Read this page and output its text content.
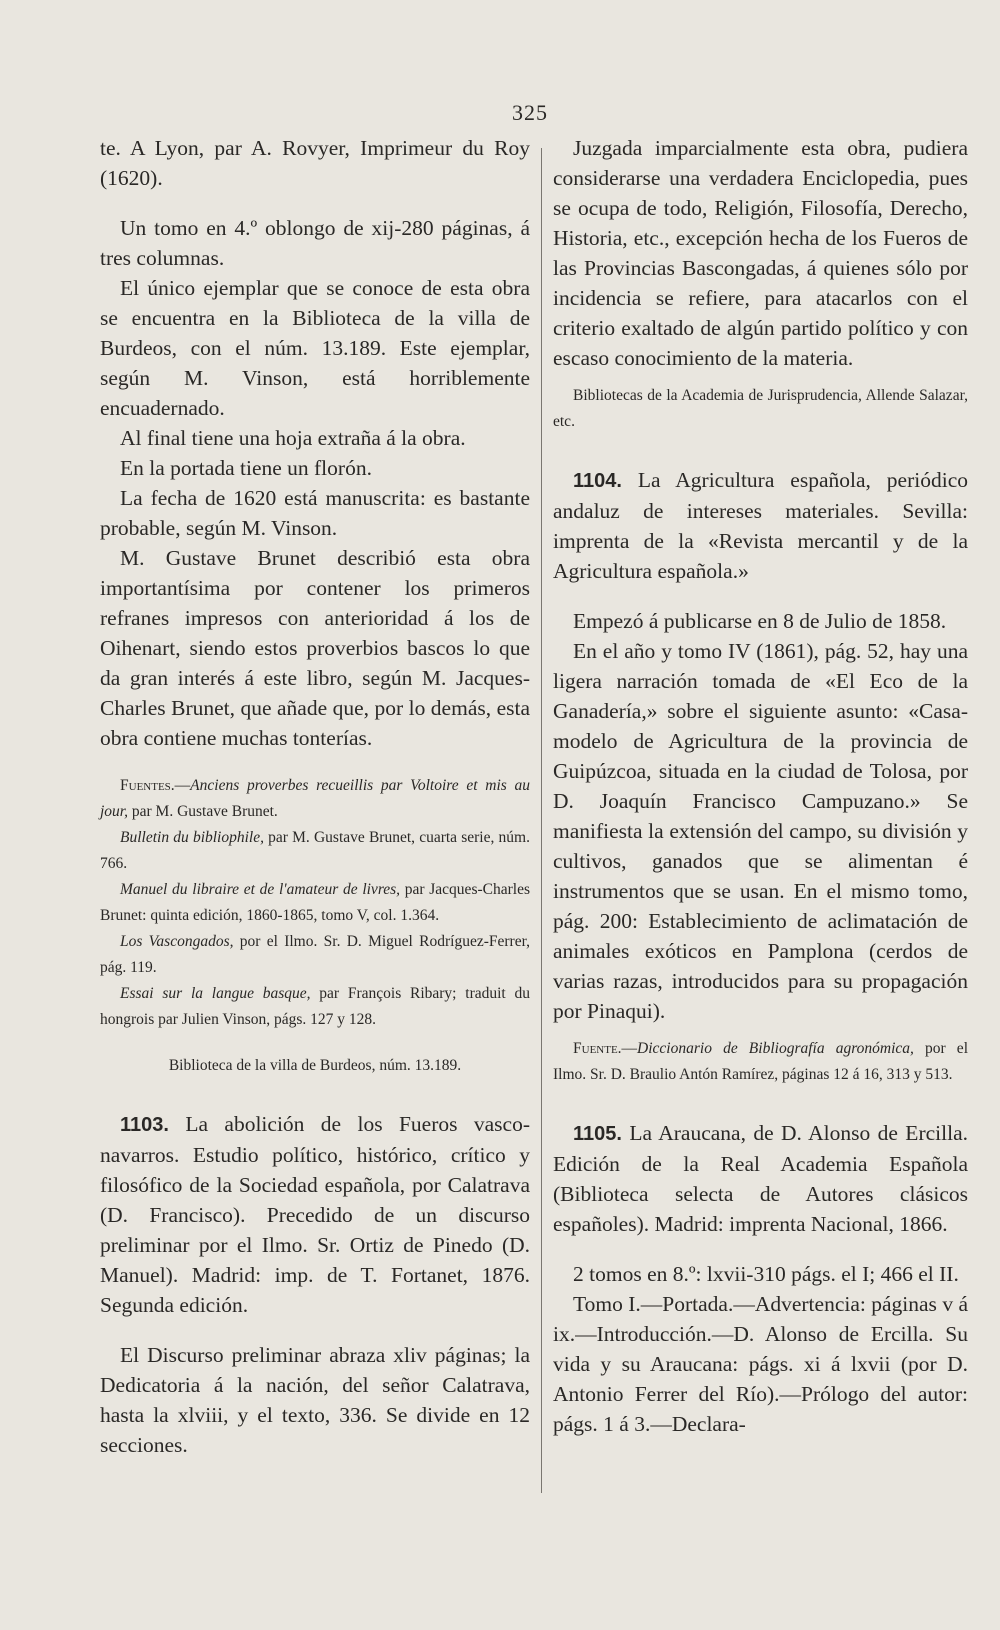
325

te. A Lyon, par A. Rovyer, Imprimeur du Roy (1620).

Un tomo en 4.º oblongo de xij-280 páginas, á tres columnas.

El único ejemplar que se conoce de esta obra se encuentra en la Biblioteca de la villa de Burdeos, con el núm. 13.189. Este ejemplar, según M. Vinson, está horriblemente encuadernado.

Al final tiene una hoja extraña á la obra.

En la portada tiene un florón.

La fecha de 1620 está manuscrita: es bastante probable, según M. Vinson.

M. Gustave Brunet describió esta obra importantísima por contener los primeros refranes impresos con anterioridad á los de Oihenart, siendo estos proverbios bascos lo que da gran interés á este libro, según M. Jacques-Charles Brunet, que añade que, por lo demás, esta obra contiene muchas tonterías.

Fuentes.—Anciens proverbes recueillis par Voltoire et mis au jour, par M. Gustave Brunet.

Bulletin du bibliophile, par M. Gustave Brunet, cuarta serie, núm. 766.

Manuel du libraire et de l'amateur de livres, par Jacques-Charles Brunet: quinta edición, 1860-1865, tomo V, col. 1.364.

Los Vascongados, por el Ilmo. Sr. D. Miguel Rodríguez-Ferrer, pág. 119.

Essai sur la langue basque, par François Ribary; traduit du hongrois par Julien Vinson, págs. 127 y 128.

Biblioteca de la villa de Burdeos, núm. 13.189.

1103. La abolición de los Fueros vasco-navarros. Estudio político, histórico, crítico y filosófico de la Sociedad española, por Calatrava (D. Francisco). Precedido de un discurso preliminar por el Ilmo. Sr. Ortiz de Pinedo (D. Manuel). Madrid: imp. de T. Fortanet, 1876. Segunda edición.

El Discurso preliminar abraza xliv páginas; la Dedicatoria á la nación, del señor Calatrava, hasta la xlviii, y el texto, 336. Se divide en 12 secciones.

Juzgada imparcialmente esta obra, pudiera considerarse una verdadera Enciclopedia, pues se ocupa de todo, Religión, Filosofía, Derecho, Historia, etc., excepción hecha de los Fueros de las Provincias Bascongadas, á quienes sólo por incidencia se refiere, para atacarlos con el criterio exaltado de algún partido político y con escaso conocimiento de la materia.

Bibliotecas de la Academia de Jurisprudencia, Allende Salazar, etc.

1104. La Agricultura española, periódico andaluz de intereses materiales. Sevilla: imprenta de la «Revista mercantil y de la Agricultura española.»

Empezó á publicarse en 8 de Julio de 1858.

En el año y tomo IV (1861), pág. 52, hay una ligera narración tomada de «El Eco de la Ganadería,» sobre el siguiente asunto: «Casa-modelo de Agricultura de la provincia de Guipúzcoa, situada en la ciudad de Tolosa, por D. Joaquín Francisco Campuzano.» Se manifiesta la extensión del campo, su división y cultivos, ganados que se alimentan é instrumentos que se usan. En el mismo tomo, pág. 200: Establecimiento de aclimatación de animales exóticos en Pamplona (cerdos de varias razas, introducidos para su propagación por Pinaqui).

Fuente.—Diccionario de Bibliografía agronómica, por el Ilmo. Sr. D. Braulio Antón Ramírez, páginas 12 á 16, 313 y 513.

1105. La Araucana, de D. Alonso de Ercilla. Edición de la Real Academia Española (Biblioteca selecta de Autores clásicos españoles). Madrid: imprenta Nacional, 1866.

2 tomos en 8.º: lxvii-310 págs. el I; 466 el II.

Tomo I.—Portada.—Advertencia: páginas v á ix.—Introducción.—D. Alonso de Ercilla. Su vida y su Araucana: págs. xi á lxvii (por D. Antonio Ferrer del Río).—Prólogo del autor: págs. 1 á 3.—Declara-
